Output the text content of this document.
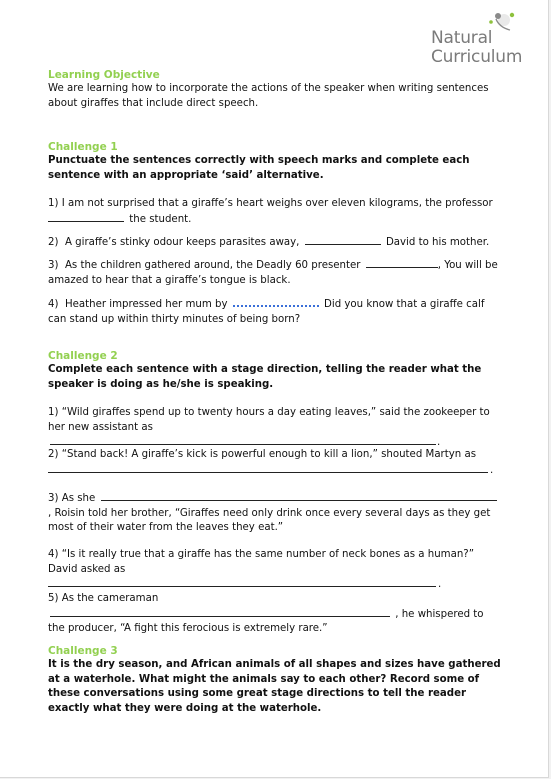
Natural
Curriculum
Learning Objective
We are learning how to incorporate the actions of the speaker when writing sentences about giraffes that include direct speech.
Challenge 1
Punctuate the sentences correctly with speech marks and complete each sentence with an appropriate ‘said’ alternative.
1) I am not surprised that a giraffe’s heart weighs over eleven kilograms, the professor  the student.
2) A giraffe’s stinky odour keeps parasites away,	David to his mother.
3) As the children gathered around, the Deadly 60 presenter	, You will be amazed to hear that a giraffe’s tongue is black.
4) Heather impressed her mum by	Did you know that a giraffe calf can stand up within thirty minutes of being born?
Challenge 2
Complete each sentence with a stage direction, telling the reader what the speaker is doing as he/she is speaking.
1) “Wild giraffes spend up to twenty hours a day eating leaves,” said the zookeeper to her new assistant as .
2) “Stand back! A giraffe’s kick is powerful enough to kill a lion,” shouted Martyn as .
3) As she  , Roisin told her brother, “Giraffes need only drink once every several days as they get most of their water from the leaves they eat.”
4) “Is it really true that a giraffe has the same number of neck bones as a human?” David asked as.
5) As the cameraman  , he whispered to the producer, “A fight this ferocious is extremely rare.”
Challenge 3
It is the dry season, and African animals of all shapes and sizes have gathered at a waterhole. What might the animals say to each other? Record some of these conversations using some great stage directions to tell the reader exactly what they were doing at the waterhole.
